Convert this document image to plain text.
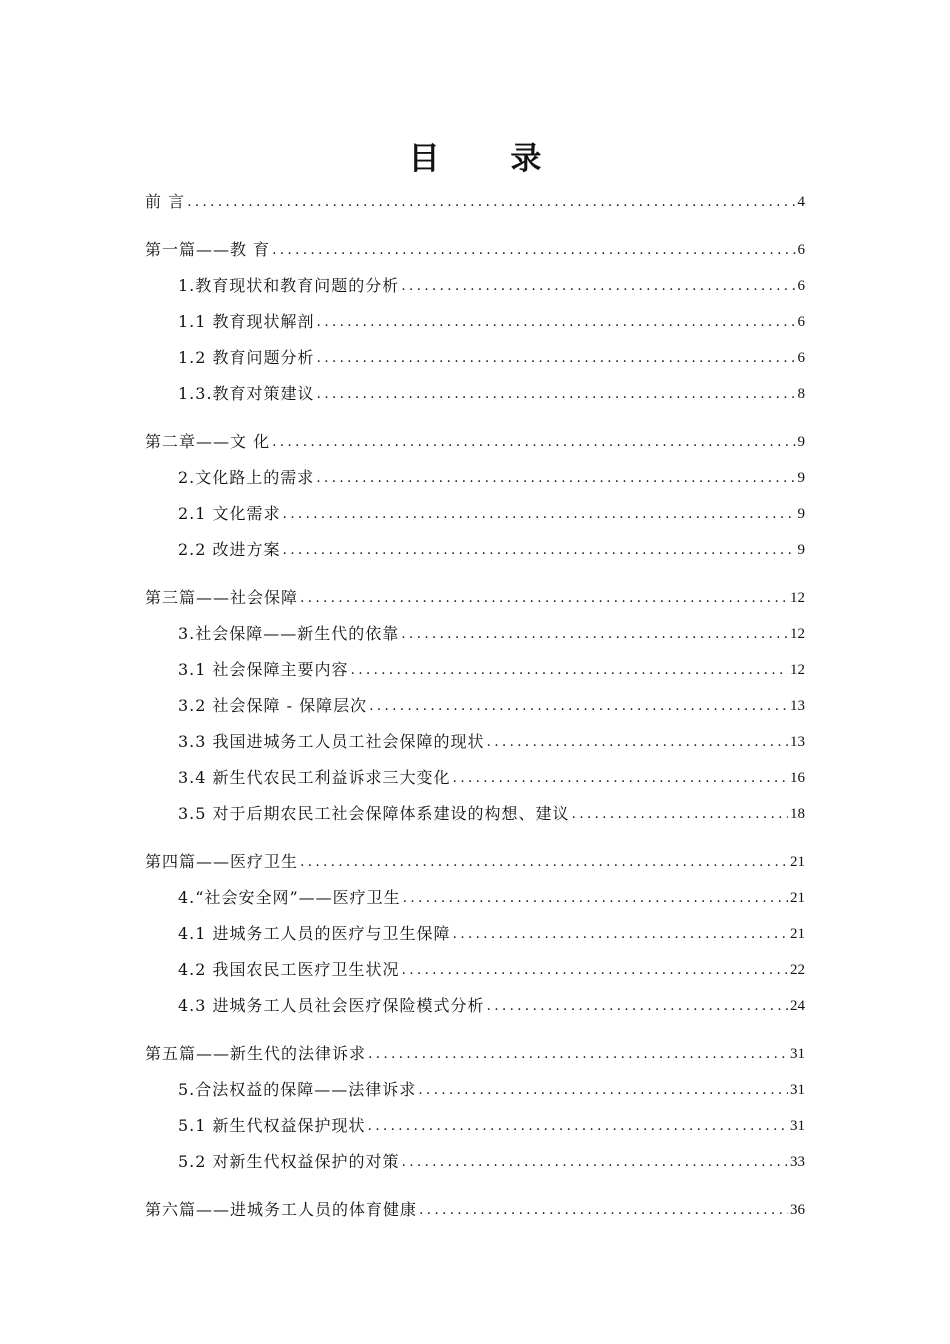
目 录
前 言 .....	4
第一篇——教 育 .....	6
1.教育现状和教育问题的分析 .....	6
1.1 教育现状解剖 .....	6
1.2 教育问题分析 .....	6
1.3.教育对策建议 .....	8
第二章——文 化 .....	9
2.文化路上的需求 .....	9
2.1 文化需求 .....	9
2.2 改进方案 .....	9
第三篇——社会保障 .....	12
3.社会保障——新生代的依靠 .....	12
3.1 社会保障主要内容 .....	12
3.2 社会保障 - 保障层次 .....	13
3.3 我国进城务工人员工社会保障的现状 .....	13
3.4 新生代农民工利益诉求三大变化 .....	16
3.5 对于后期农民工社会保障体系建设的构想、建议 .....	18
第四篇——医疗卫生 .....	21
4.“社会安全网”——医疗卫生 .....	21
4.1 进城务工人员的医疗与卫生保障 .....	21
4.2 我国农民工医疗卫生状况 .....	22
4.3 进城务工人员社会医疗保险模式分析 .....	24
第五篇——新生代的法律诉求 .....	31
5.合法权益的保障——法律诉求 .....	31
5.1 新生代权益保护现状 .....	31
5.2 对新生代权益保护的对策 .....	33
第六篇——进城务工人员的体育健康 .....	36
